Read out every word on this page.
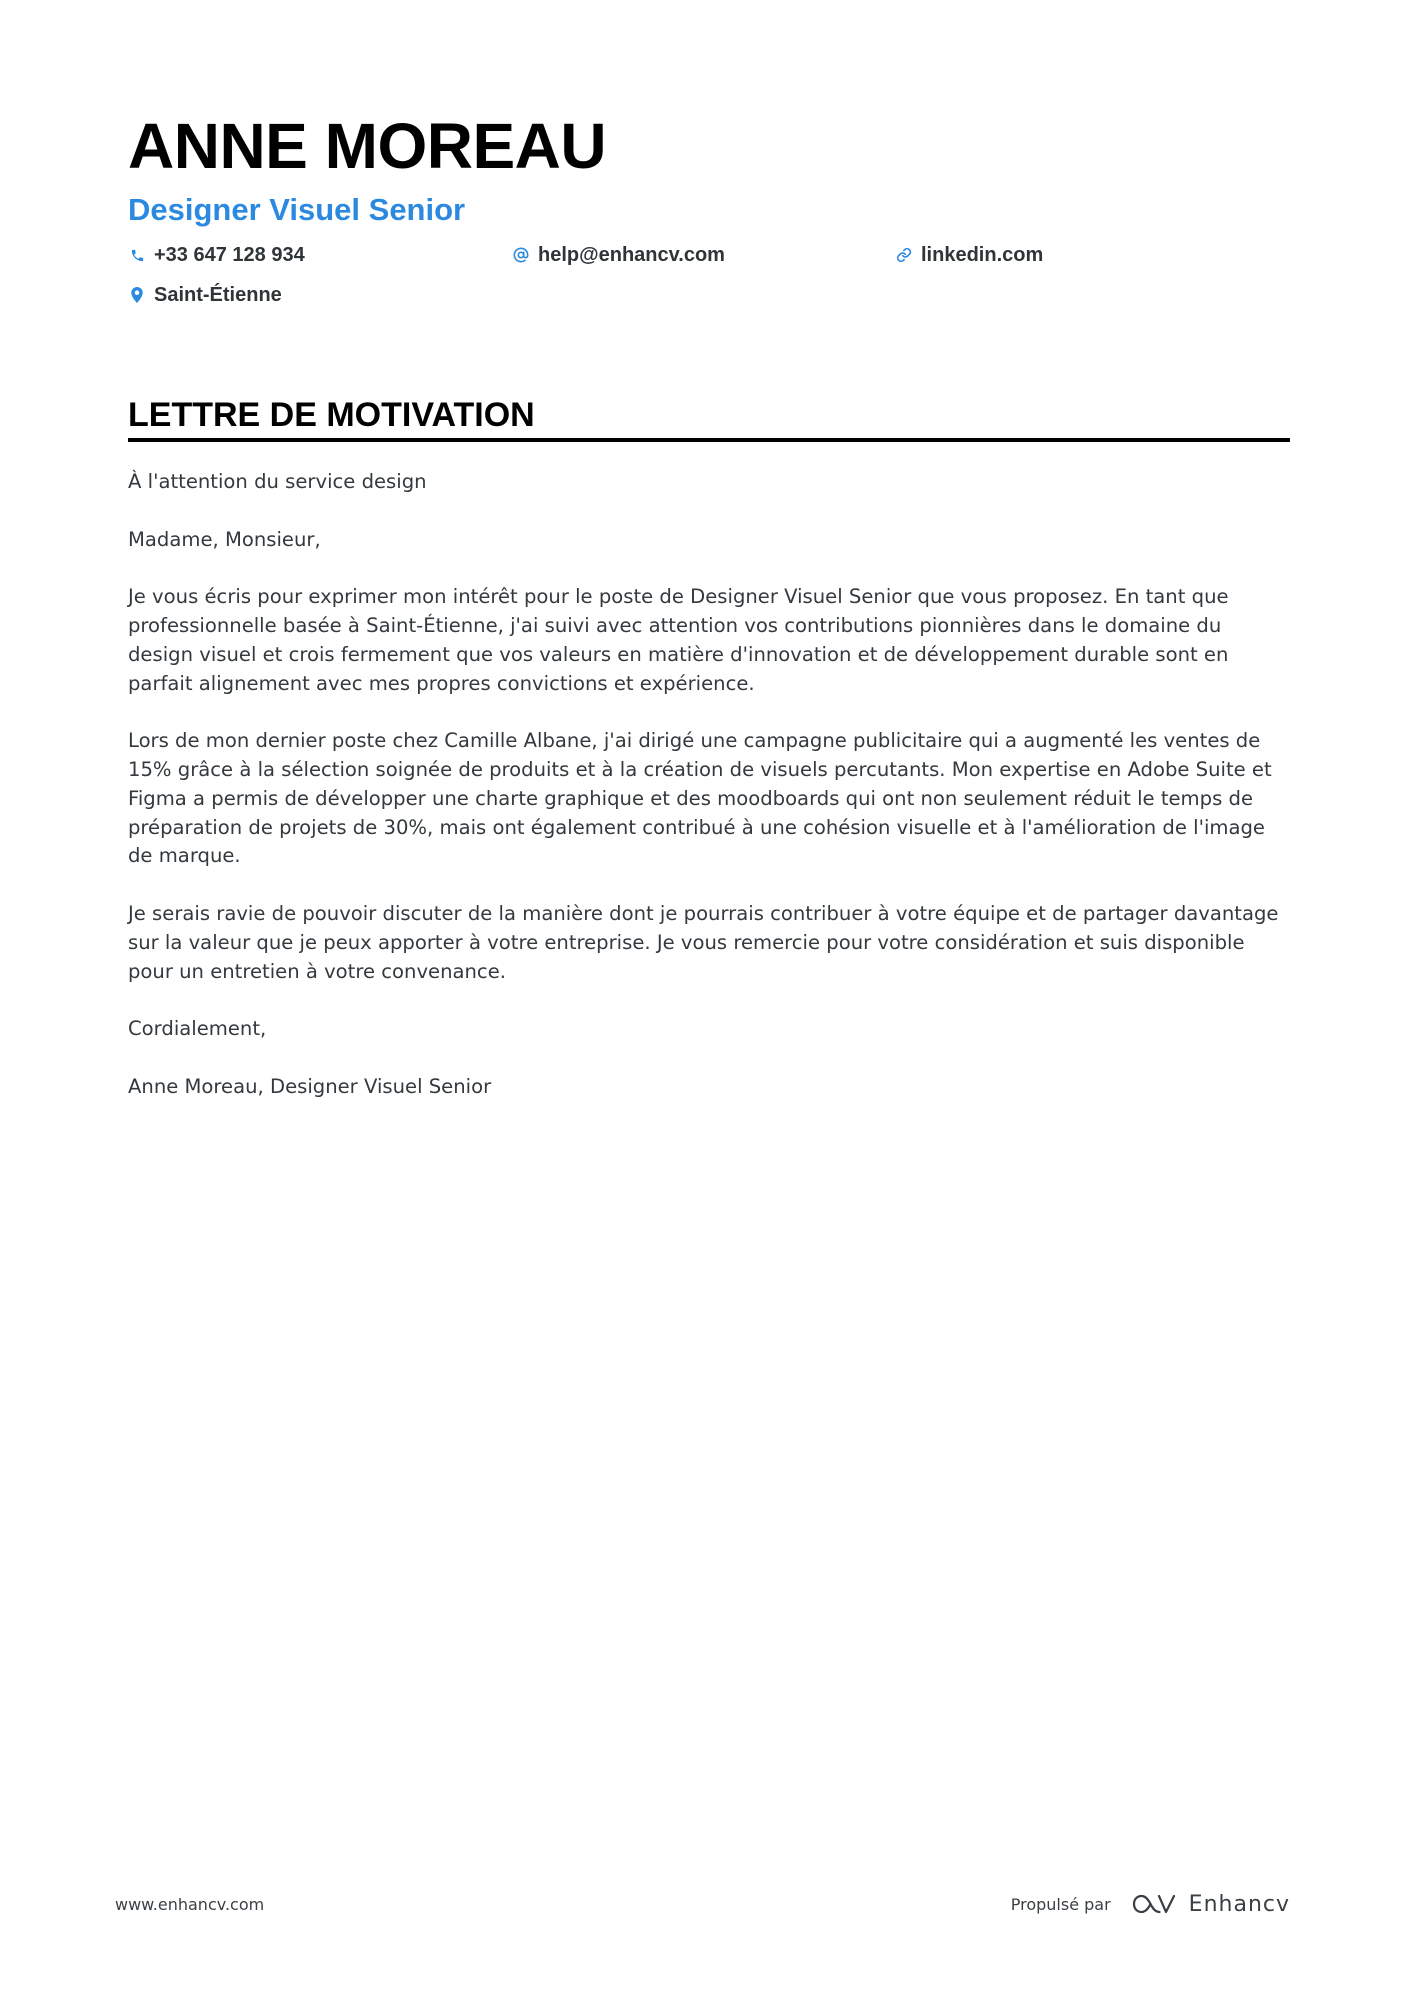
ANNE MOREAU
Designer Visuel Senior
+33 647 128 934	help@enhancv.com	linkedin.com
Saint-Étienne
LETTRE DE MOTIVATION

À l'attention du service design

Madame, Monsieur,

Je vous écris pour exprimer mon intérêt pour le poste de Designer Visuel Senior que vous proposez. En tant que professionnelle basée à Saint-Étienne, j'ai suivi avec attention vos contributions pionnières dans le domaine du design visuel et crois fermement que vos valeurs en matière d'innovation et de développement durable sont en parfait alignement avec mes propres convictions et expérience.

Lors de mon dernier poste chez Camille Albane, j'ai dirigé une campagne publicitaire qui a augmenté les ventes de 15% grâce à la sélection soignée de produits et à la création de visuels percutants. Mon expertise en Adobe Suite et Figma a permis de développer une charte graphique et des moodboards qui ont non seulement réduit le temps de préparation de projets de 30%, mais ont également contribué à une cohésion visuelle et à l'amélioration de l'image de marque.

Je serais ravie de pouvoir discuter de la manière dont je pourrais contribuer à votre équipe et de partager davantage sur la valeur que je peux apporter à votre entreprise. Je vous remercie pour votre considération et suis disponible pour un entretien à votre convenance.

Cordialement,

Anne Moreau, Designer Visuel Senior

www.enhancv.com	Propulsé par	Enhancv
